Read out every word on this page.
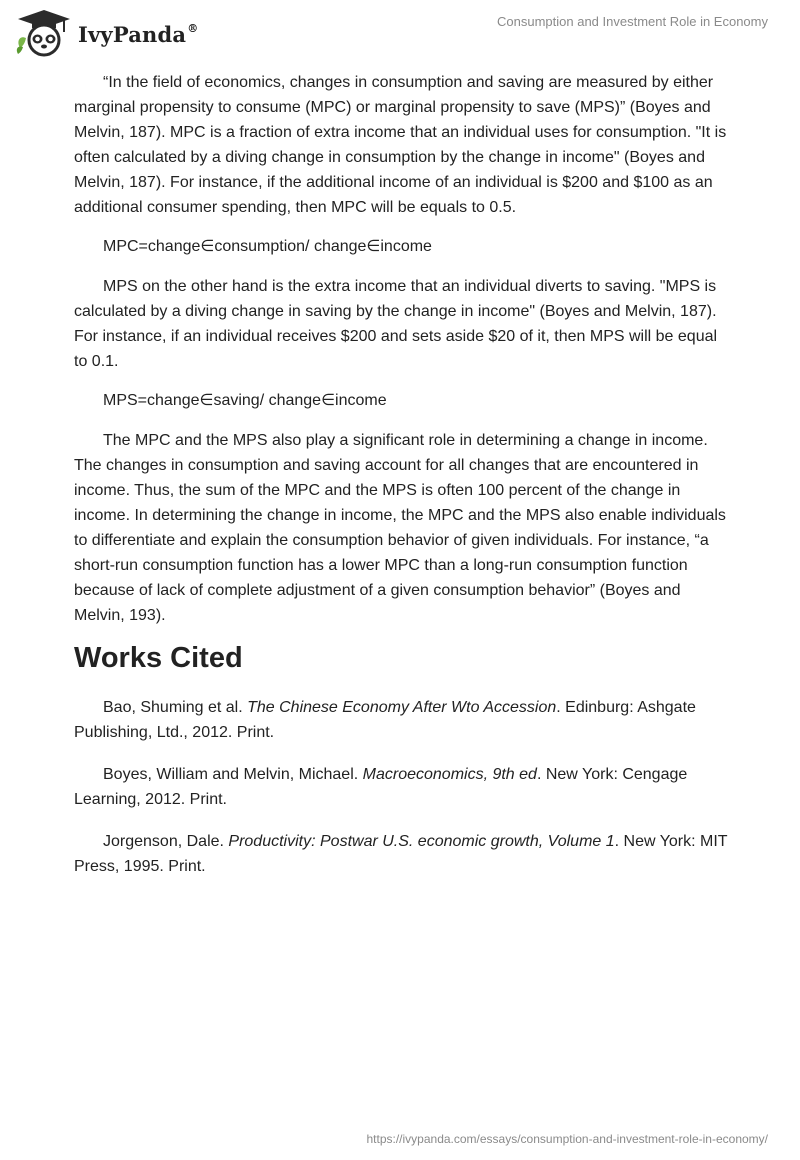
IvyPanda®	Consumption and Investment Role in Economy

“In the field of economics, changes in consumption and saving are measured by either marginal propensity to consume (MPC) or marginal propensity to save (MPS)” (Boyes and Melvin, 187). MPC is a fraction of extra income that an individual uses for consumption. "It is often calculated by a diving change in consumption by the change in income" (Boyes and Melvin, 187). For instance, if the additional income of an individual is $200 and $100 as an additional consumer spending, then MPC will be equals to 0.5.

MPC=change∈consumption/ change∈income

MPS on the other hand is the extra income that an individual diverts to saving. "MPS is calculated by a diving change in saving by the change in income" (Boyes and Melvin, 187). For instance, if an individual receives $200 and sets aside $20 of it, then MPS will be equal to 0.1.

MPS=change∈saving/ change∈income

The MPC and the MPS also play a significant role in determining a change in income. The changes in consumption and saving account for all changes that are encountered in income. Thus, the sum of the MPC and the MPS is often 100 percent of the change in income. In determining the change in income, the MPC and the MPS also enable individuals to differentiate and explain the consumption behavior of given individuals. For instance, “a short-run consumption function has a lower MPC than a long-run consumption function because of lack of complete adjustment of a given consumption behavior” (Boyes and Melvin, 193).

Works Cited

Bao, Shuming et al. The Chinese Economy After Wto Accession. Edinburg: Ashgate Publishing, Ltd., 2012. Print.

Boyes, William and Melvin, Michael. Macroeconomics, 9th ed. New York: Cengage Learning, 2012. Print.

Jorgenson, Dale. Productivity: Postwar U.S. economic growth, Volume 1. New York: MIT Press, 1995. Print.

https://ivypanda.com/essays/consumption-and-investment-role-in-economy/
